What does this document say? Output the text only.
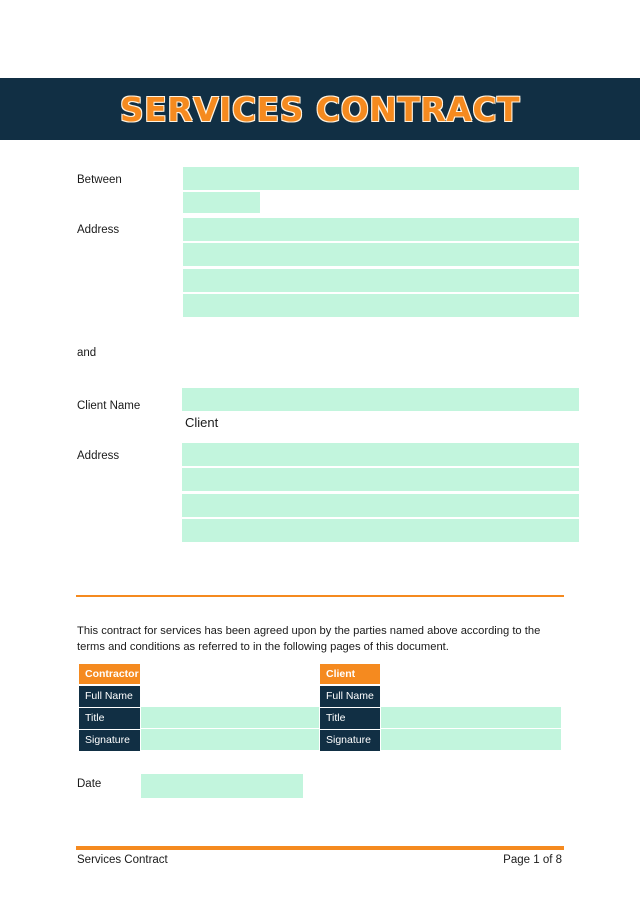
SERVICES CONTRACT
Between
Address
and
Client Name
Client
Address
This contract for services has been agreed upon by the parties named above according to the terms and conditions as referred to in the following pages of this document.
Contractor
Full Name
Title
Signature
Client
Full Name
Title
Signature
Date
Services Contract	Page 1 of 8
